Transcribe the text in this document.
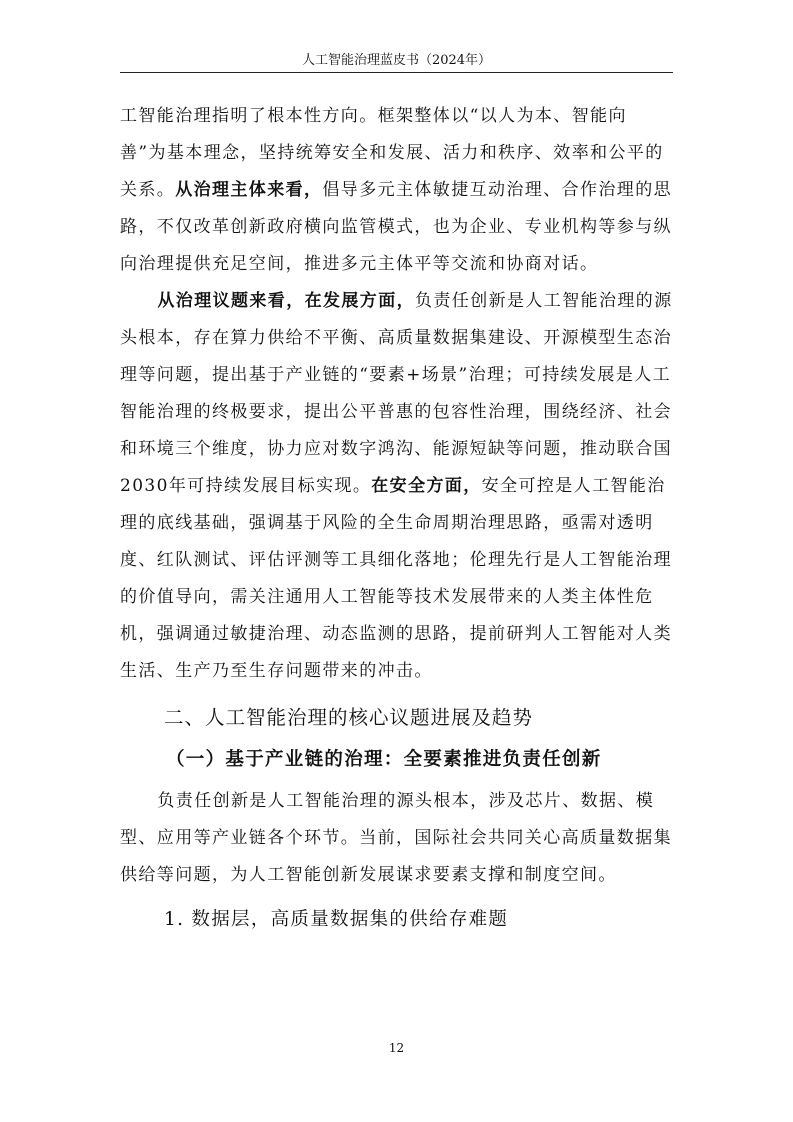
人工智能治理蓝皮书（2024年）

工智能治理指明了根本性方向。框架整体以“以人为本、智能向善”为基本理念，坚持统筹安全和发展、活力和秩序、效率和公平的关系。从治理主体来看，倡导多元主体敏捷互动治理、合作治理的思路，不仅改革创新政府横向监管模式，也为企业、专业机构等参与纵向治理提供充足空间，推进多元主体平等交流和协商对话。

从治理议题来看，在发展方面，负责任创新是人工智能治理的源头根本，存在算力供给不平衡、高质量数据集建设、开源模型生态治理等问题，提出基于产业链的“要素+场景”治理；可持续发展是人工智能治理的终极要求，提出公平普惠的包容性治理，围绕经济、社会和环境三个维度，协力应对数字鸿沟、能源短缺等问题，推动联合国2030年可持续发展目标实现。在安全方面，安全可控是人工智能治理的底线基础，强调基于风险的全生命周期治理思路，亟需对透明度、红队测试、评估评测等工具细化落地；伦理先行是人工智能治理的价值导向，需关注通用人工智能等技术发展带来的人类主体性危机，强调通过敏捷治理、动态监测的思路，提前研判人工智能对人类生活、生产乃至生存问题带来的冲击。

二、人工智能治理的核心议题进展及趋势
（一）基于产业链的治理：全要素推进负责任创新

负责任创新是人工智能治理的源头根本，涉及芯片、数据、模型、应用等产业链各个环节。当前，国际社会共同关心高质量数据集供给等问题，为人工智能创新发展谋求要素支撑和制度空间。

1. 数据层，高质量数据集的供给存难题
12
